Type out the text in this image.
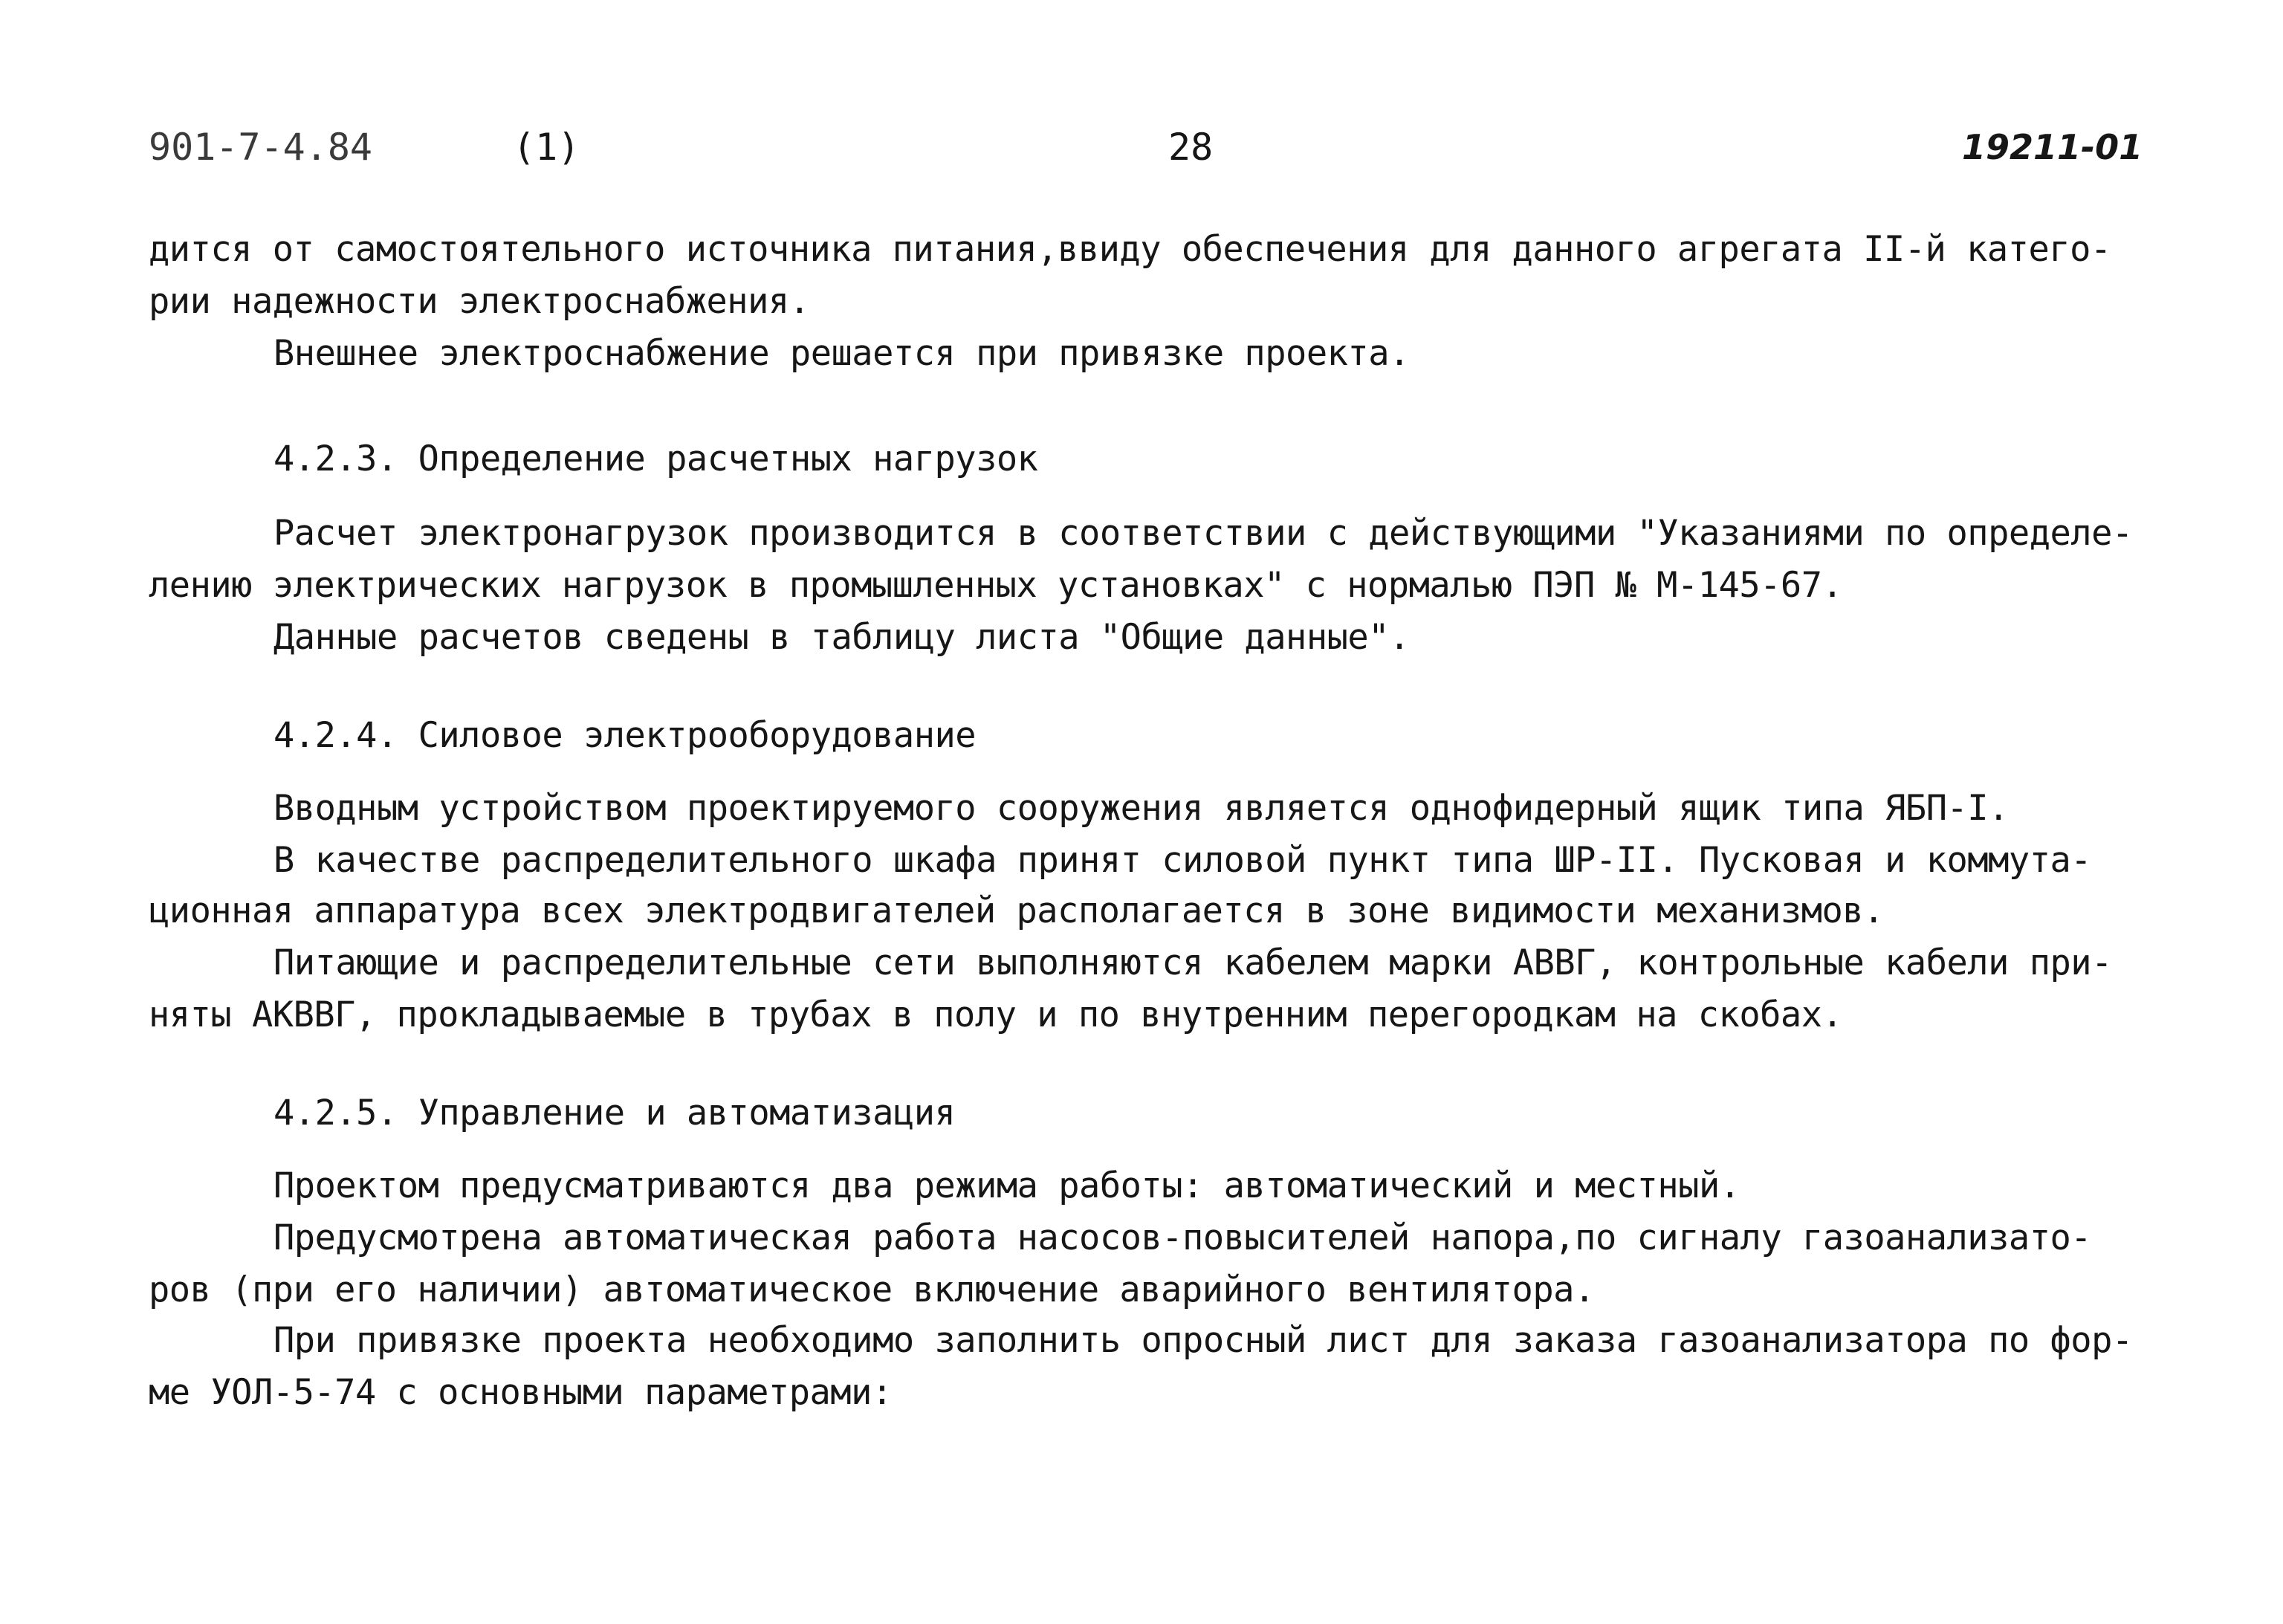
901-7-4.84	(1)	28	19211-01
дится от самостоятельного источника питания,ввиду обеспечения для данного агрегата II-й катего-
рии надежности электроснабжения.
Внешнее электроснабжение решается при привязке проекта.
4.2.3. Определение расчетных нагрузок
Расчет электронагрузок производится в соответствии с действующими "Указаниями по определе-
лению электрических нагрузок в промышленных установках" с нормалью ПЭП № М-145-67.
Данные расчетов сведены в таблицу листа "Общие данные".
4.2.4. Силовое электрооборудование
Вводным устройством проектируемого сооружения является однофидерный ящик типа ЯБП-I.
В качестве распределительного шкафа принят силовой пункт типа ШР-II. Пусковая и коммута-
ционная аппаратура всех электродвигателей располагается в зоне видимости механизмов.
Питающие и распределительные сети выполняются кабелем марки АВВГ, контрольные кабели при-
няты АКВВГ, прокладываемые в трубах в полу и по внутренним перегородкам на скобах.
4.2.5. Управление и автоматизация
Проектом предусматриваются два режима работы: автоматический и местный.
Предусмотрена автоматическая работа насосов-повысителей напора,по сигналу газоанализато-
ров (при его наличии) автоматическое включение аварийного вентилятора.
При привязке проекта необходимо заполнить опросный лист для заказа газоанализатора по фор-
ме УОЛ-5-74 с основными параметрами:
